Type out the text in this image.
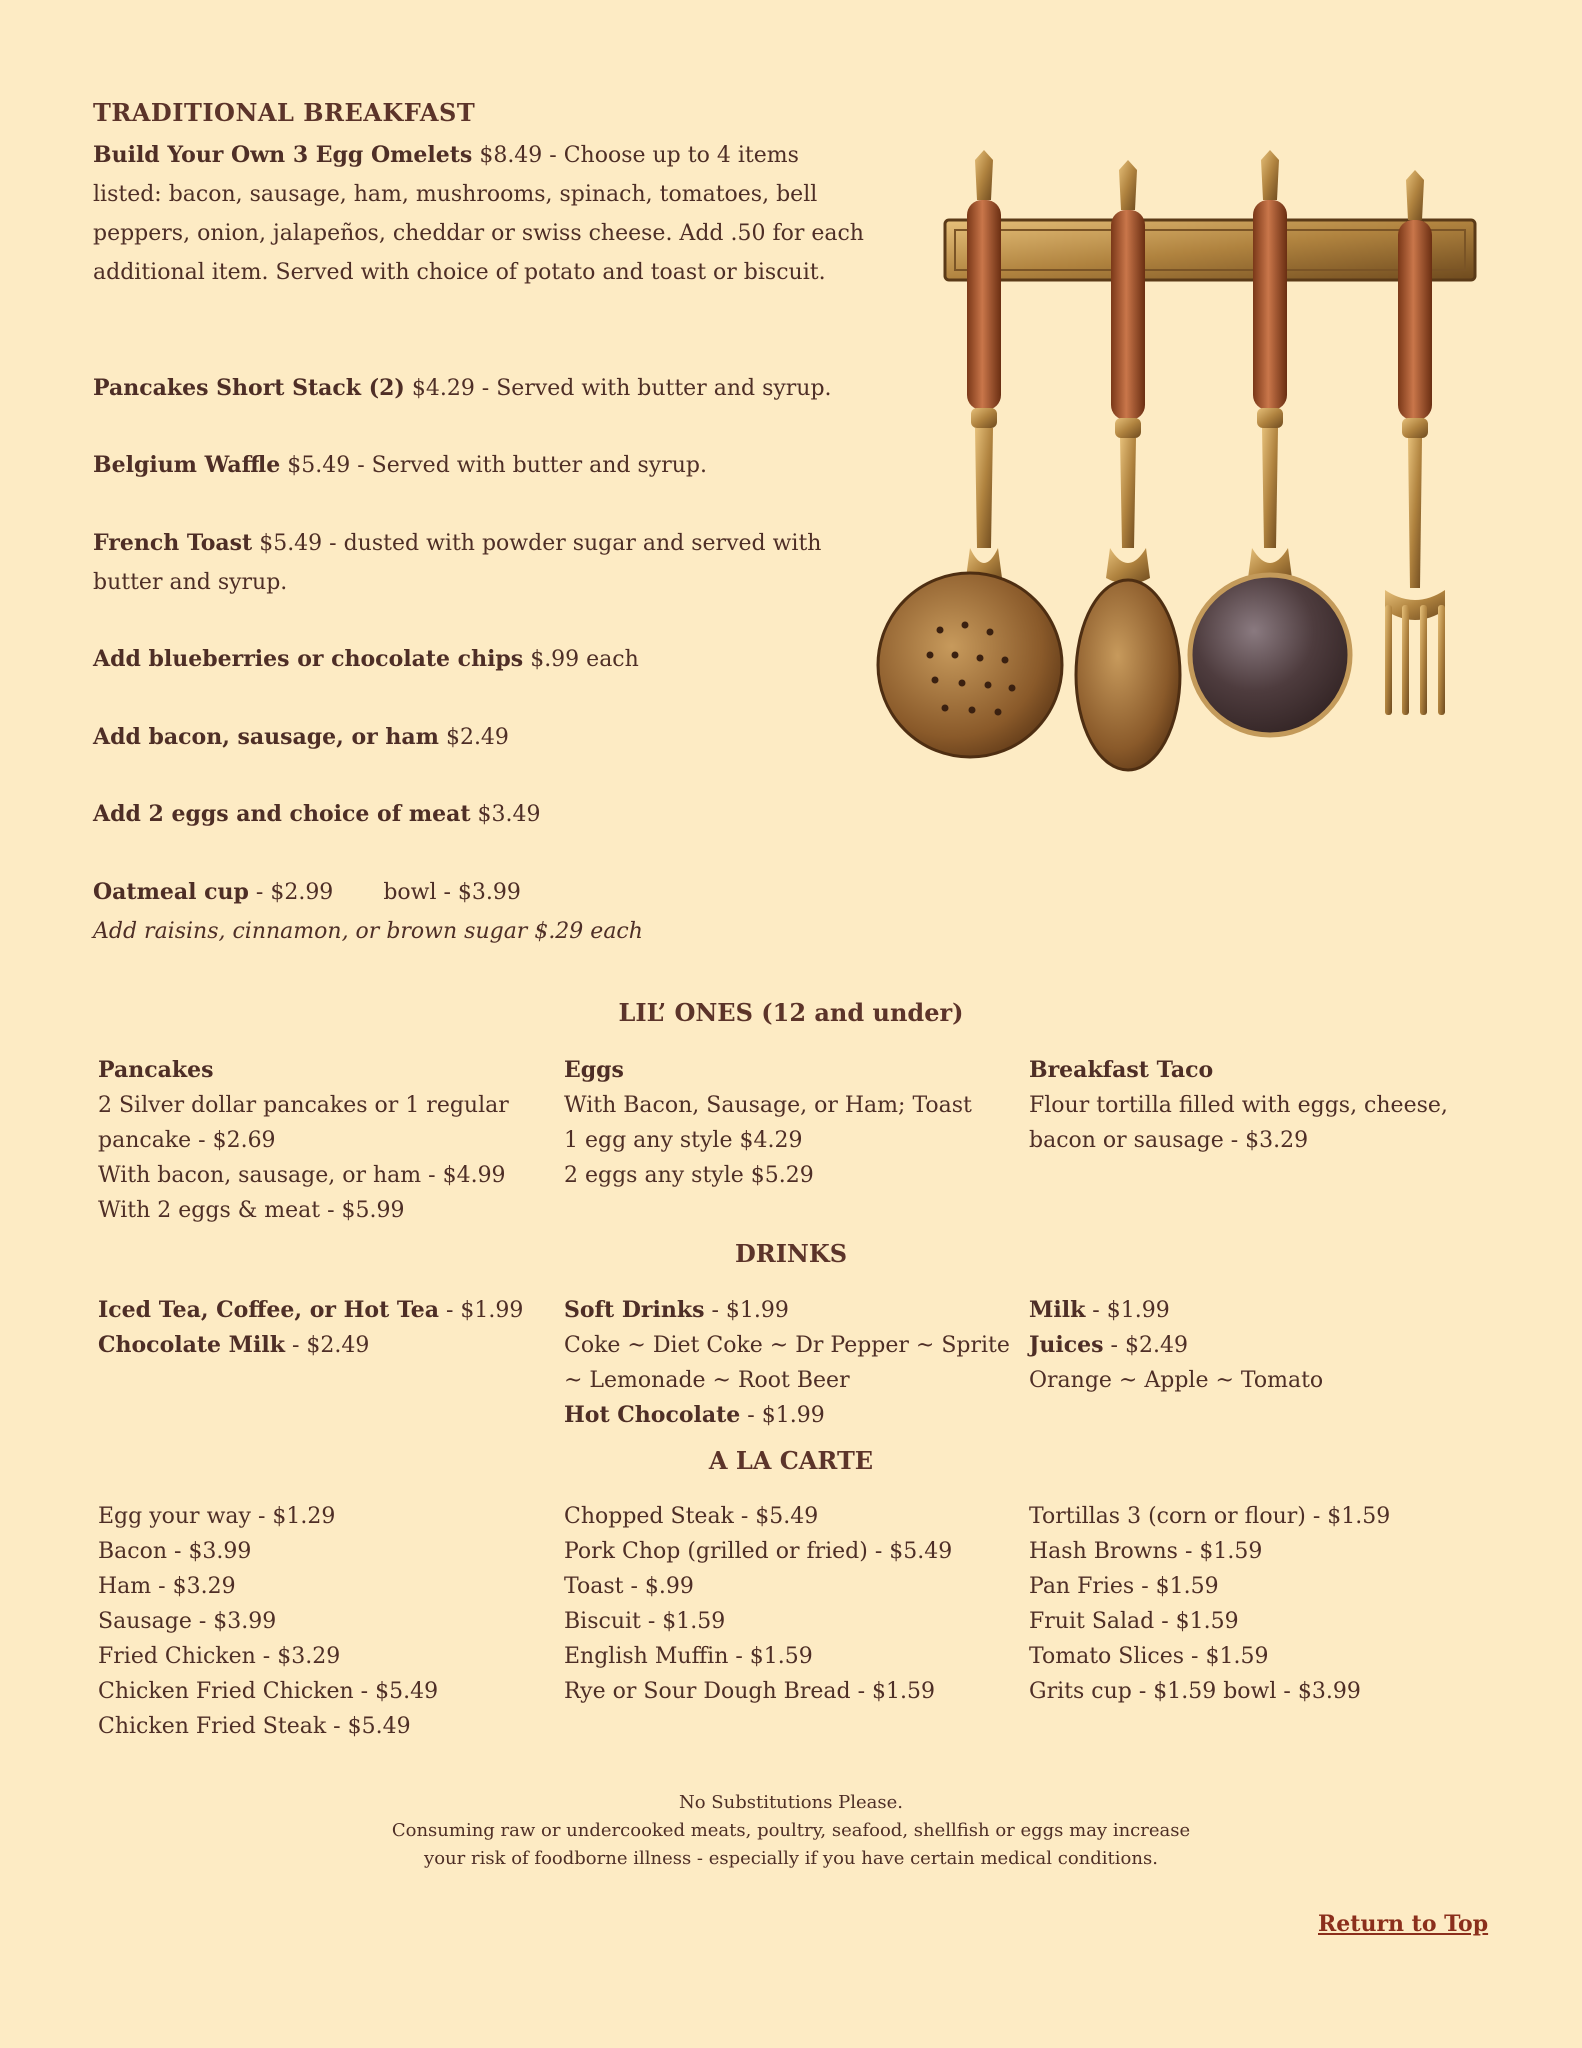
TRADITIONAL BREAKFAST
Build Your Own 3 Egg Omelets $8.49 - Choose up to 4 items listed: bacon, sausage, ham, mushrooms, spinach, tomatoes, bell peppers, onion, jalapeños, cheddar or swiss cheese. Add .50 for each additional item. Served with choice of potato and toast or biscuit.
Pancakes Short Stack (2) $4.29 - Served with butter and syrup.
Belgium Waffle $5.49 - Served with butter and syrup.
French Toast $5.49 - dusted with powder sugar and served with butter and syrup.
Add blueberries or chocolate chips $.99 each
Add bacon, sausage, or ham $2.49
Add 2 eggs and choice of meat $3.49
Oatmeal cup - $2.99 bowl - $3.99
Add raisins, cinnamon, or brown sugar $.29 each
LIL’ ONES (12 and under)
Pancakes
2 Silver dollar pancakes or 1 regular pancake - $2.69
With bacon, sausage, or ham - $4.99
With 2 eggs & meat - $5.99
Eggs
With Bacon, Sausage, or Ham; Toast
1 egg any style $4.29
2 eggs any style $5.29
Breakfast Taco
Flour tortilla filled with eggs, cheese, bacon or sausage - $3.29
DRINKS
Iced Tea, Coffee, or Hot Tea - $1.99
Chocolate Milk - $2.49
Soft Drinks - $1.99
Coke ~ Diet Coke ~ Dr Pepper ~ Sprite ~ Lemonade ~ Root Beer
Hot Chocolate - $1.99
Milk - $1.99
Juices - $2.49
Orange ~ Apple ~ Tomato
A LA CARTE
Egg your way - $1.29
Bacon - $3.99
Ham - $3.29
Sausage - $3.99
Fried Chicken - $3.29
Chicken Fried Chicken - $5.49
Chicken Fried Steak - $5.49
Chopped Steak - $5.49
Pork Chop (grilled or fried) - $5.49
Toast - $.99
Biscuit - $1.59
English Muffin - $1.59
Rye or Sour Dough Bread - $1.59
Tortillas 3 (corn or flour) - $1.59
Hash Browns - $1.59
Pan Fries - $1.59
Fruit Salad - $1.59
Tomato Slices - $1.59
Grits cup - $1.59 bowl - $3.99
No Substitutions Please.
Consuming raw or undercooked meats, poultry, seafood, shellfish or eggs may increase
your risk of foodborne illness - especially if you have certain medical conditions.
Return to Top
